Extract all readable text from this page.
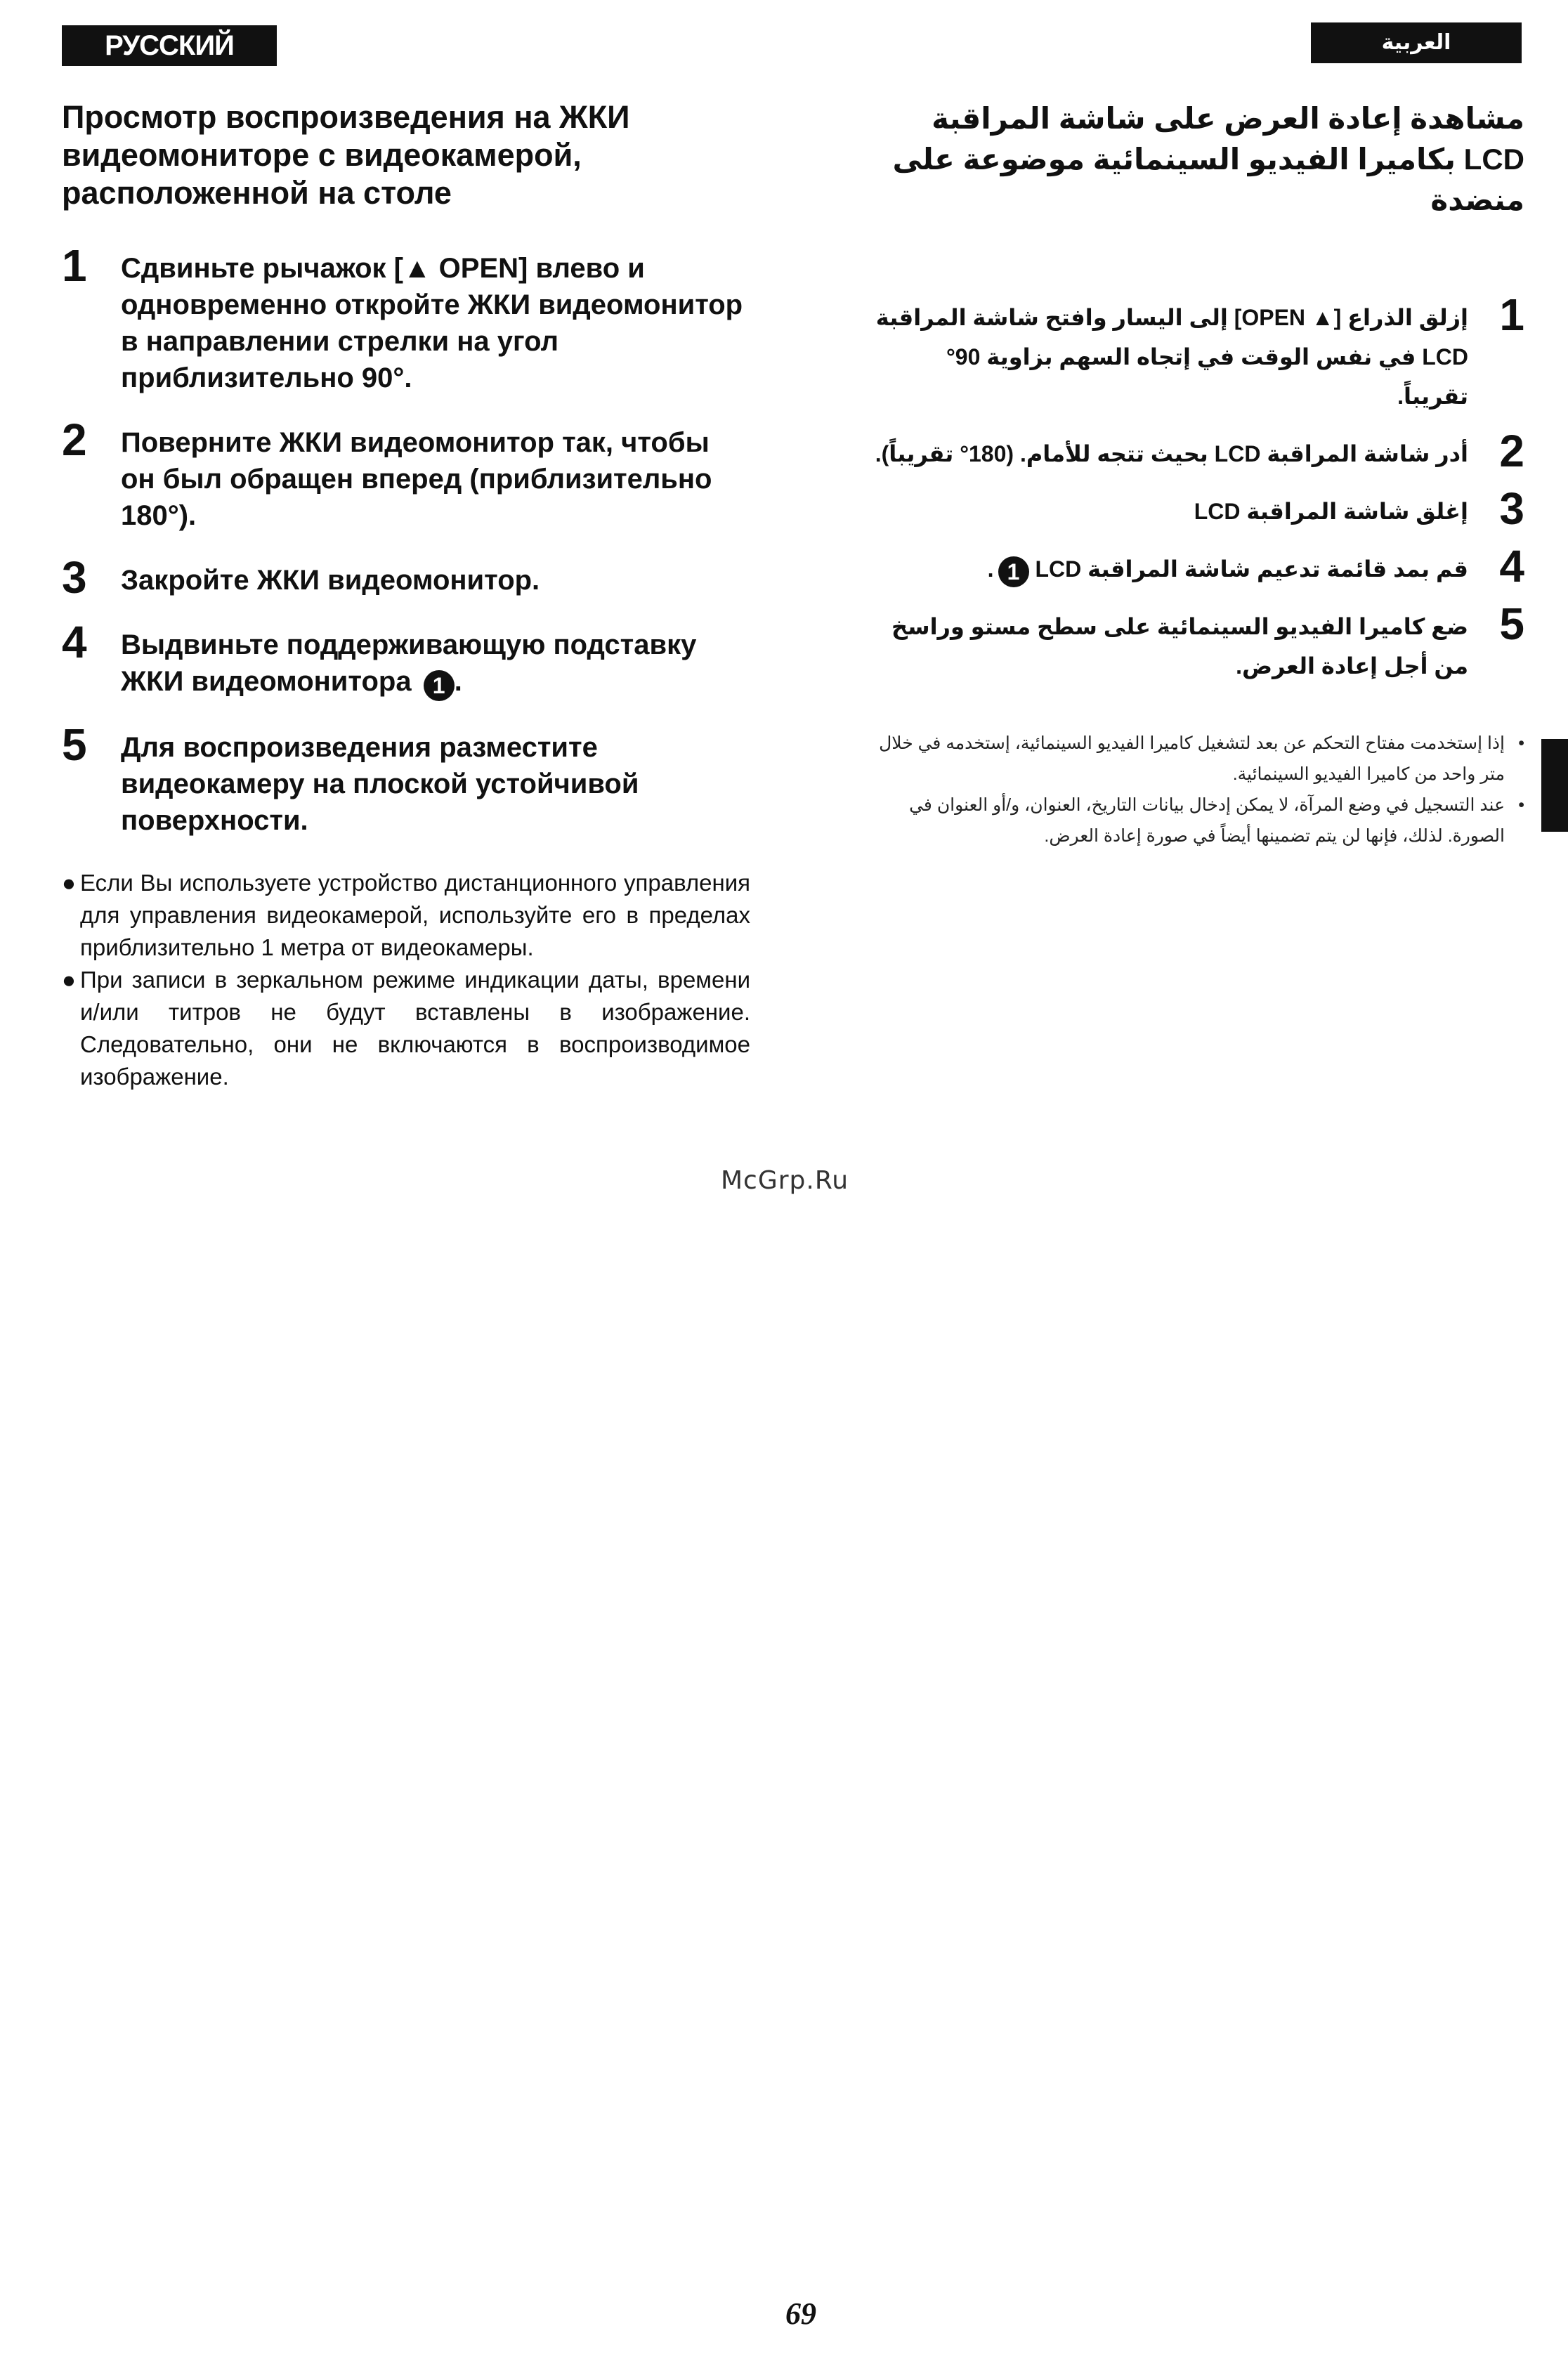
РУССКИЙ ЯЗЫК
العربية
Просмотр воспроизведения на ЖКИ видеомониторе с видеокамерой, расположенной на столе
1 Сдвиньте рычажок [▲ OPEN] влево и одновременно откройте ЖКИ видеомонитор в направлении стрелки на угол приблизительно 90°.
2 Поверните ЖКИ видеомонитор так, чтобы он был обращен вперед (приблизительно 180°).
3 Закройте ЖКИ видеомонитор.
4 Выдвиньте поддерживающую подставку ЖКИ видеомонитора 1 .
5 Для воспроизведения разместите видеокамеру на плоской устойчивой поверхности.
● Если Вы используете устройство дистанционного управления для управления видеокамерой, используйте его в пределах приблизительно 1 метра от видеокамеры.
● При записи в зеркальном режиме индикации даты, времени и/или титров не будут вставлены в изображение. Следовательно, они не включаются в воспроизводимое изображение.
مشاهدة إعادة العرض على شاشة المراقبة LCD بكاميرا الفيديو السينمائية موضوعة على منضدة
1
إزلق الذراع [▲ OPEN] إلى اليسار وافتح شاشة المراقبة LCD في نفس الوقت في إتجاه السهم بزاوية 90° تقريباً.
2
أدر شاشة المراقبة LCD بحيث تتجه للأمام. (180° تقريباً).
3
إغلق شاشة المراقبة LCD
4
قم بمد قائمة تدعيم شاشة المراقبة LCD 1.
5
ضع كاميرا الفيديو السينمائية على سطح مستو وراسخ من أجل إعادة العرض.
•
إذا إستخدمت مفتاح التحكم عن بعد لتشغيل كاميرا الفيديو السينمائية، إستخدمه في خلال متر واحد من كاميرا الفيديو السينمائية.
•
عند التسجيل في وضع المرآة، لا يمكن إدخال بيانات التاريخ، العنوان، و/أو العنوان في الصورة. لذلك، فإنها لن يتم تضمينها أيضاً في صورة إعادة العرض.
McGrp.Ru
69
